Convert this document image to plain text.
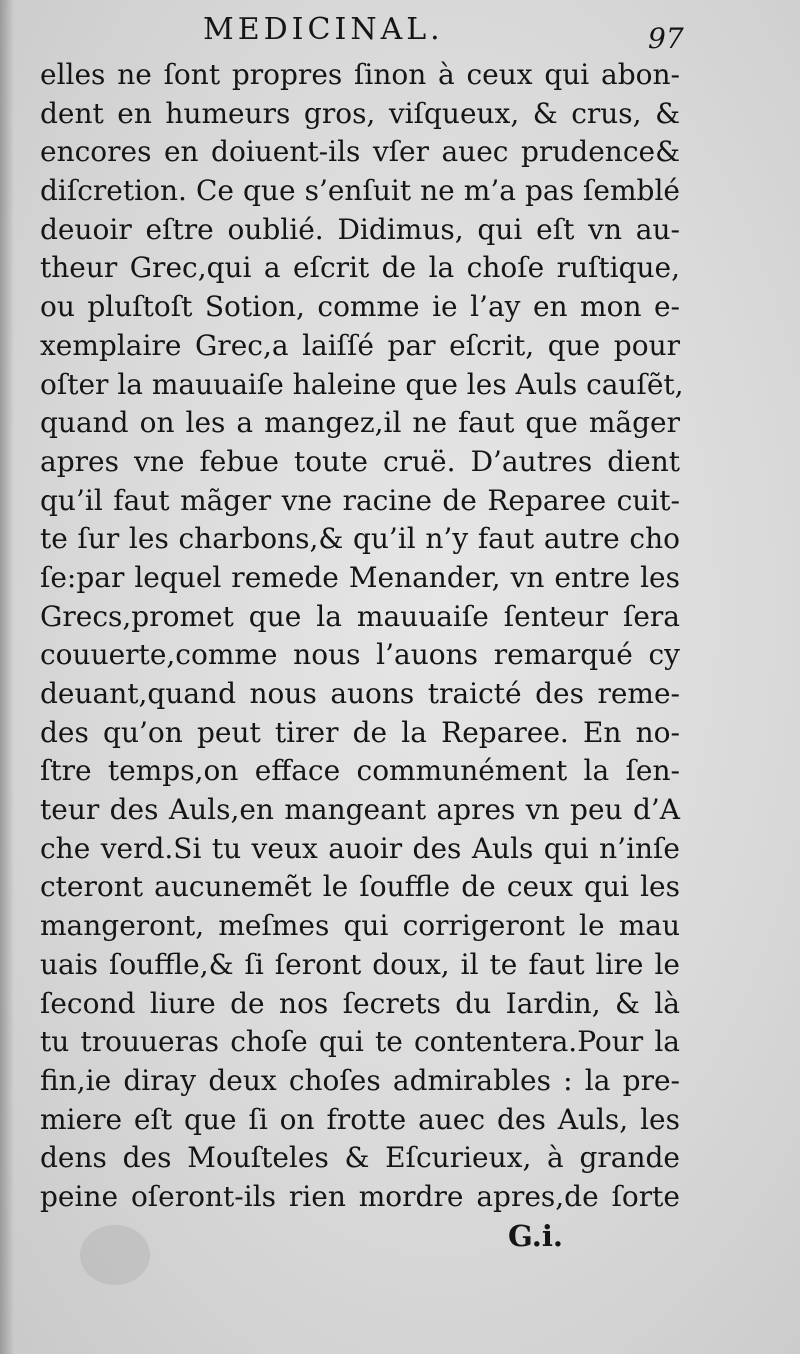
MEDICINAL.	97
elles ne ſont propres ſinon à ceux qui abon-
dent en humeurs gros, viſqueux, & crus, &
encores en doiuent-ils vſer auec prudence&
diſcretion. Ce que s’enſuit ne m’a pas ſemblé
deuoir eſtre oublié. Didimus, qui eſt vn au-
theur Grec,qui a eſcrit de la choſe ruſtique,
ou pluſtoſt Sotion, comme ie l’ay en mon e-
xemplaire Grec,a laiſſé par eſcrit, que pour
oſter la mauuaiſe haleine que les Auls cauſẽt,
quand on les a mangez,il ne faut que mãger
apres vne febue toute cruë. D’autres dient
qu’il faut mãger vne racine de Reparee cuit-
te ſur les charbons,& qu’il n’y faut autre cho
ſe:par lequel remede Menander, vn entre les
Grecs,promet que la mauuaiſe ſenteur ſera
couuerte,comme nous l’auons remarqué cy
deuant,quand nous auons traicté des reme-
des qu’on peut tirer de la Reparee. En no-
ſtre temps,on efface communément la ſen-
teur des Auls,en mangeant apres vn peu d’A
che verd.Si tu veux auoir des Auls qui n’inſe
cteront aucunemẽt le ſouffle de ceux qui les
mangeront, meſmes qui corrigeront le mau
uais ſouffle,& ſi ſeront doux, il te faut lire le
ſecond liure de nos ſecrets du Iardin, & là
tu trouueras choſe qui te contentera.Pour la
fin,ie diray deux choſes admirables : la pre-
miere eſt que ſi on frotte auec des Auls, les
dens des Mouſteles & Eſcurieux, à grande
peine oſeront-ils rien mordre apres,de ſorte
G.i.
